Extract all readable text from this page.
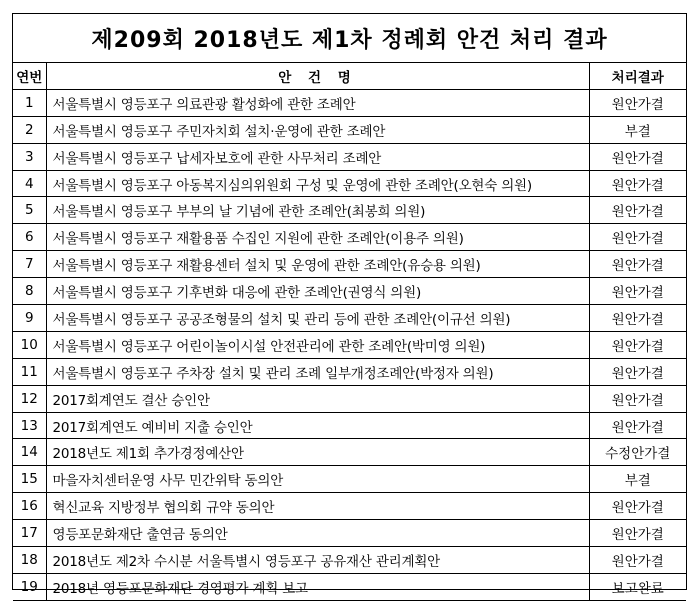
제209회 2018년도 제1차 정례회 안건 처리 결과
연번	안 건 명	처리결과
1	서울특별시 영등포구 의료관광 활성화에 관한 조례안	원안가결
2	서울특별시 영등포구 주민자치회 설치·운영에 관한 조례안	부결
3	서울특별시 영등포구 납세자보호에 관한 사무처리 조례안	원안가결
4	서울특별시 영등포구 아동복지심의위원회 구성 및 운영에 관한 조례안(오현숙 의원)	원안가결
5	서울특별시 영등포구 부부의 날 기념에 관한 조례안(최봉희 의원)	원안가결
6	서울특별시 영등포구 재활용품 수집인 지원에 관한 조례안(이용주 의원)	원안가결
7	서울특별시 영등포구 재활용센터 설치 및 운영에 관한 조례안(유승용 의원)	원안가결
8	서울특별시 영등포구 기후변화 대응에 관한 조례안(권영식 의원)	원안가결
9	서울특별시 영등포구 공공조형물의 설치 및 관리 등에 관한 조례안(이규선 의원)	원안가결
10	서울특별시 영등포구 어린이놀이시설 안전관리에 관한 조례안(박미영 의원)	원안가결
11	서울특별시 영등포구 주차장 설치 및 관리 조례 일부개정조례안(박정자 의원)	원안가결
12	2017회계연도 결산 승인안	원안가결
13	2017회계연도 예비비 지출 승인안	원안가결
14	2018년도 제1회 추가경정예산안	수정안가결
15	마을자치센터운영 사무 민간위탁 동의안	부결
16	혁신교육 지방정부 협의회 규약 동의안	원안가결
17	영등포문화재단 출연금 동의안	원안가결
18	2018년도 제2차 수시분 서울특별시 영등포구 공유재산 관리계획안	원안가결
19	2018년 영등포문화재단 경영평가 계획 보고	보고완료
